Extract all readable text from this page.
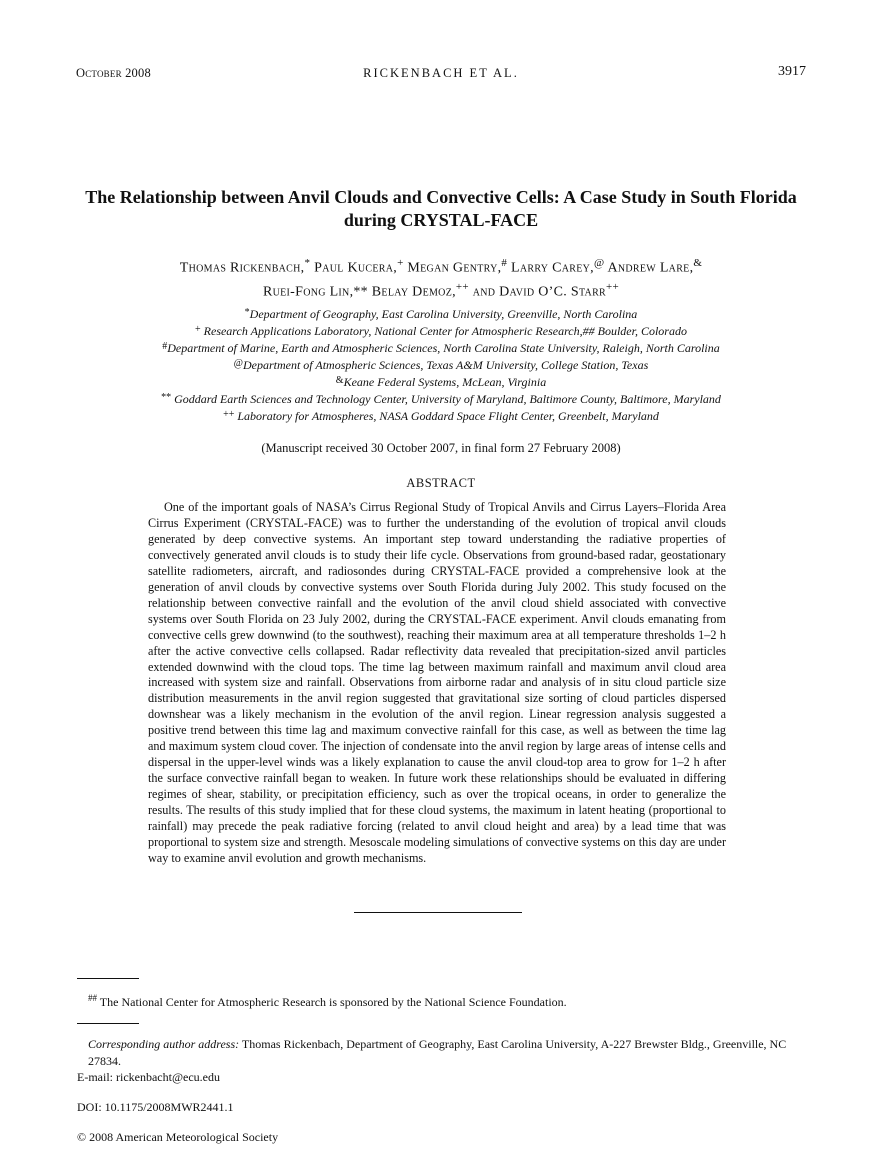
October 2008	RICKENBACH ET AL.	3917
The Relationship between Anvil Clouds and Convective Cells: A Case Study in South Florida during CRYSTAL-FACE
Thomas Rickenbach,* Paul Kucera,+ Megan Gentry,# Larry Carey,@ Andrew Lare,&
Ruei-Fong Lin,** Belay Demoz,++ and David O’C. Starr++
*Department of Geography, East Carolina University, Greenville, North Carolina
+ Research Applications Laboratory, National Center for Atmospheric Research,## Boulder, Colorado
#Department of Marine, Earth and Atmospheric Sciences, North Carolina State University, Raleigh, North Carolina
@Department of Atmospheric Sciences, Texas A&M University, College Station, Texas
&Keane Federal Systems, McLean, Virginia
** Goddard Earth Sciences and Technology Center, University of Maryland, Baltimore County, Baltimore, Maryland
++ Laboratory for Atmospheres, NASA Goddard Space Flight Center, Greenbelt, Maryland
(Manuscript received 30 October 2007, in final form 27 February 2008)
ABSTRACT

One of the important goals of NASA’s Cirrus Regional Study of Tropical Anvils and Cirrus Layers–Florida Area Cirrus Experiment (CRYSTAL-FACE) was to further the understanding of the evolution of tropical anvil clouds generated by deep convective systems. An important step toward understanding the radiative properties of convectively generated anvil clouds is to study their life cycle. Observations from ground-based radar, geostationary satellite radiometers, aircraft, and radiosondes during CRYSTAL-FACE provided a comprehensive look at the generation of anvil clouds by convective systems over South Florida during July 2002. This study focused on the relationship between convective rainfall and the evolution of the anvil cloud shield associated with convective systems over South Florida on 23 July 2002, during the CRYSTAL-FACE experiment. Anvil clouds emanating from convective cells grew downwind (to the southwest), reaching their maximum area at all temperature thresholds 1–2 h after the active convective cells collapsed. Radar reflectivity data revealed that precipitation-sized anvil particles extended downwind with the cloud tops. The time lag between maximum rainfall and maximum anvil cloud area increased with system size and rainfall. Observations from airborne radar and analysis of in situ cloud particle size distribution measurements in the anvil region suggested that gravitational size sorting of cloud particles dispersed downshear was a likely mechanism in the evolution of the anvil region. Linear regression analysis suggested a positive trend between this time lag and maximum convective rainfall for this case, as well as between the time lag and maximum system cloud cover. The injection of condensate into the anvil region by large areas of intense cells and dispersal in the upper-level winds was a likely explanation to cause the anvil cloud-top area to grow for 1–2 h after the surface convective rainfall began to weaken. In future work these relationships should be evaluated in differing regimes of shear, stability, or precipitation efficiency, such as over the tropical oceans, in order to generalize the results. The results of this study implied that for these cloud systems, the maximum in latent heating (proportional to rainfall) may precede the peak radiative forcing (related to anvil cloud height and area) by a lead time that was proportional to system size and strength. Mesoscale modeling simulations of convective systems on this day are under way to examine anvil evolution and growth mechanisms.

## The National Center for Atmospheric Research is sponsored by the National Science Foundation.
Corresponding author address: Thomas Rickenbach, Department of Geography, East Carolina University, A-227 Brewster Bldg., Greenville, NC 27834.
E-mail: rickenbacht@ecu.edu
DOI: 10.1175/2008MWR2441.1
© 2008 American Meteorological Society
